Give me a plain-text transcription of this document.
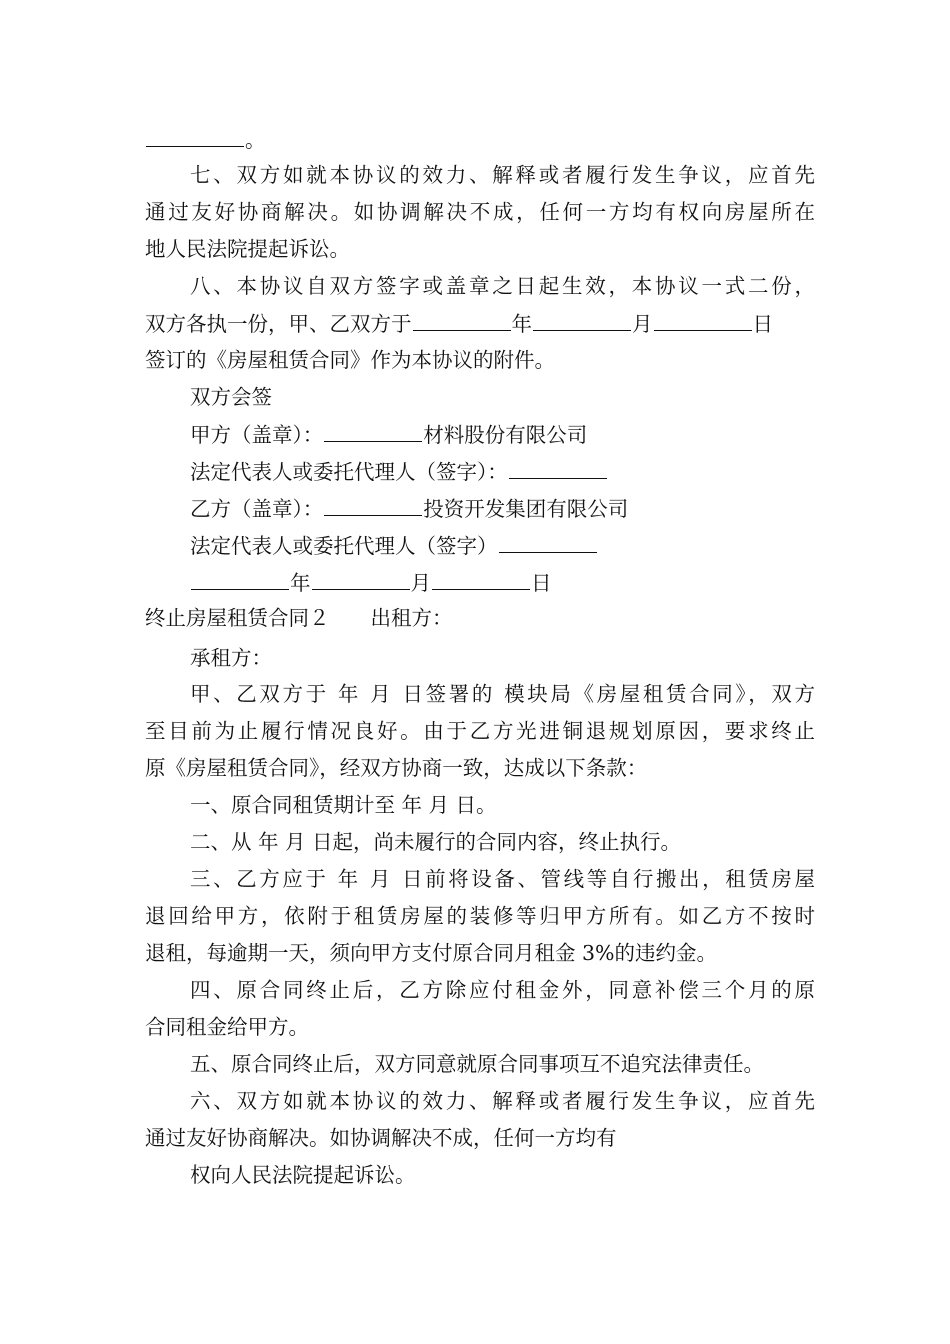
。
七、双方如就本协议的效力、解释或者履行发生争议，应首先
通过友好协商解决。如协调解决不成，任何一方均有权向房屋所在
地人民法院提起诉讼。
八、本协议自双方签字或盖章之日起生效，本协议一式二份，
双方各执一份，甲、乙双方于	年	月	日
签订的《房屋租赁合同》作为本协议的附件。
双方会签
甲方（盖章）：	材料股份有限公司
法定代表人或委托代理人（签字）：
乙方（盖章）：	投资开发集团有限公司
法定代表人或委托代理人（签字）
年	月	日
终止房屋租赁合同２　　出租方：
承租方：
甲、乙双方于 年 月 日签署的 模块局《房屋租赁合同》，双方
至目前为止履行情况良好。由于乙方光进铜退规划原因，要求终止
原《房屋租赁合同》，经双方协商一致，达成以下条款：
一、原合同租赁期计至 年 月 日。
二、从 年 月 日起，尚未履行的合同内容，终止执行。
三、乙方应于 年 月 日前将设备、管线等自行搬出，租赁房屋
退回给甲方，依附于租赁房屋的装修等归甲方所有。如乙方不按时
退租，每逾期一天，须向甲方支付原合同月租金 3%的违约金。
四、原合同终止后，乙方除应付租金外，同意补偿三个月的原
合同租金给甲方。
五、原合同终止后，双方同意就原合同事项互不追究法律责任。
六、双方如就本协议的效力、解释或者履行发生争议，应首先
通过友好协商解决。如协调解决不成，任何一方均有
权向人民法院提起诉讼。
